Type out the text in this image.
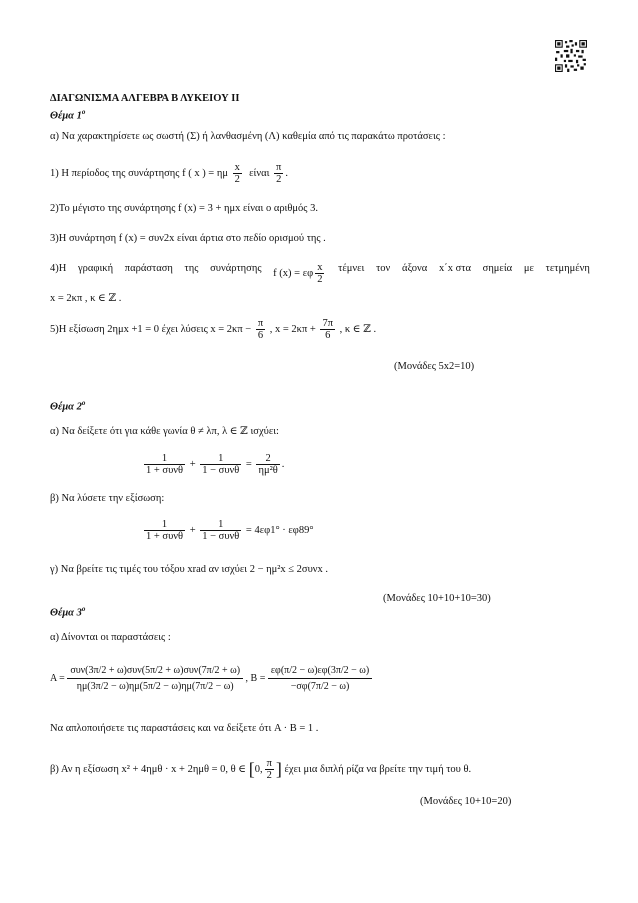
ΔΙΑΓΩΝΙΣΜΑ ΑΛΓΕΒΡΑ Β ΛΥΚΕΙΟΥ ΙΙ
Θέμα $1^o$
α) Να χαρακτηρίσετε ως σωστή (Σ) ή λανθασμένη (Λ) καθεμία από τις παρακάτω προτάσεις :
1) Η περίοδος της συνάρτησης f ( x ) = ημ $\frac{x}{2}$ είναι $\frac{\pi}{2}$ .
2)Το μέγιστο της συνάρτησης f (x) = 3 + ημx είναι ο αριθμός 3.
3)Η συνάρτηση f (x) = συν2x είναι άρτια στο πεδίο ορισμού της .
4)Η γραφική παράσταση της συνάρτησης f (x) = εφ $\frac{x}{2}$ τέμνει τον άξονα x΄x στα σημεία με τετμημένη
x = 2κπ , κ ∈ ℤ .
5)Η εξίσωση 2ημx +1 = 0 έχει λύσεις $x = 2\kappa\pi - \frac{\pi}{6}$ , $x = 2\kappa\pi + \frac{7\pi}{6}$ , κ ∈ ℤ .
(Μονάδες 5x2=10)
Θέμα $2^o$
α) Να δείξετε ότι για κάθε γωνία θ ≠ λπ, λ ∈ ℤ ισχύει:
$\frac{1}{\text{1 + συνθ}} + \frac{1}{\text{1 − συνθ}} = \frac{2}{\text{ημ²θ}}$ .
β) Να λύσετε την εξίσωση:
$\frac{1}{\text{1 + συνθ}} + \frac{1}{\text{1 − συνθ}} = 4\varepsilon\varphi 1^\circ \cdot \varepsilon\varphi 89^\circ$
γ) Να βρείτε τις τιμές του τόξου xrad αν ισχύει 2 − ημ²x ≤ 2συνx .
(Μονάδες 10+10+10=30)
Θέμα $3^o$
α) Δίνονται οι παραστάσεις :
A =
συν(3π/2 + ω)συν(5π/2 + ω)συν(7π/2 + ω)
ημ(3π/2 − ω)ημ(5π/2 − ω)ημ(7π/2 − ω)
, $B = \frac{\varepsilon\varphi(\pi/2 - \omega)\varepsilon\varphi(3\pi/2 - \omega)}{-\sigma\varphi(7\pi/2 - \omega)}$
Να απλοποιήσετε τις παραστάσεις και να δείξετε ότι A · B = 1 .
β) Αν η εξίσωση x² + 4ημθ · x + 2ημθ = 0, θ ∈ [0, $\frac{\pi}{2}$ ] έχει μια διπλή ρίζα να βρείτε την τιμή του θ.
(Μονάδες 10+10=20)
